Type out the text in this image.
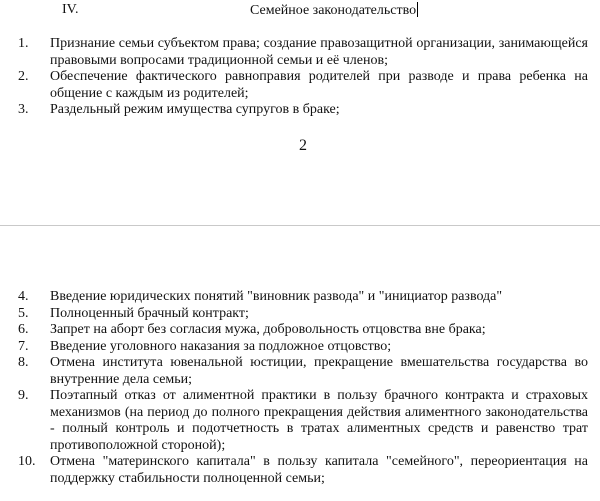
IV.	Семейное законодательство
1. Признание семьи субъектом права; создание правозащитной организации, занимающейся правовыми вопросами традиционной семьи и её членов;
2. Обеспечение фактического равноправия родителей при разводе и права ребенка на общение с каждым из родителей;
3. Раздельный режим имущества супругов в браке;
2
4. Введение юридических понятий "виновник развода" и "инициатор развода"
5. Полноценный брачный контракт;
6. Запрет на аборт без согласия мужа, добровольность отцовства вне брака;
7. Введение уголовного наказания за подложное отцовство;
8. Отмена института ювенальной юстиции, прекращение вмешательства государства во внутренние дела семьи;
9. Поэтапный отказ от алиментной практики в пользу брачного контракта и страховых механизмов (на период до полного прекращения действия алиментного законодательства - полный контроль и подотчетность в тратах алиментных средств и равенство трат противоположной стороной);
10. Отмена "материнского капитала" в пользу капитала "семейного", переориентация на поддержку стабильности полноценной семьи;
